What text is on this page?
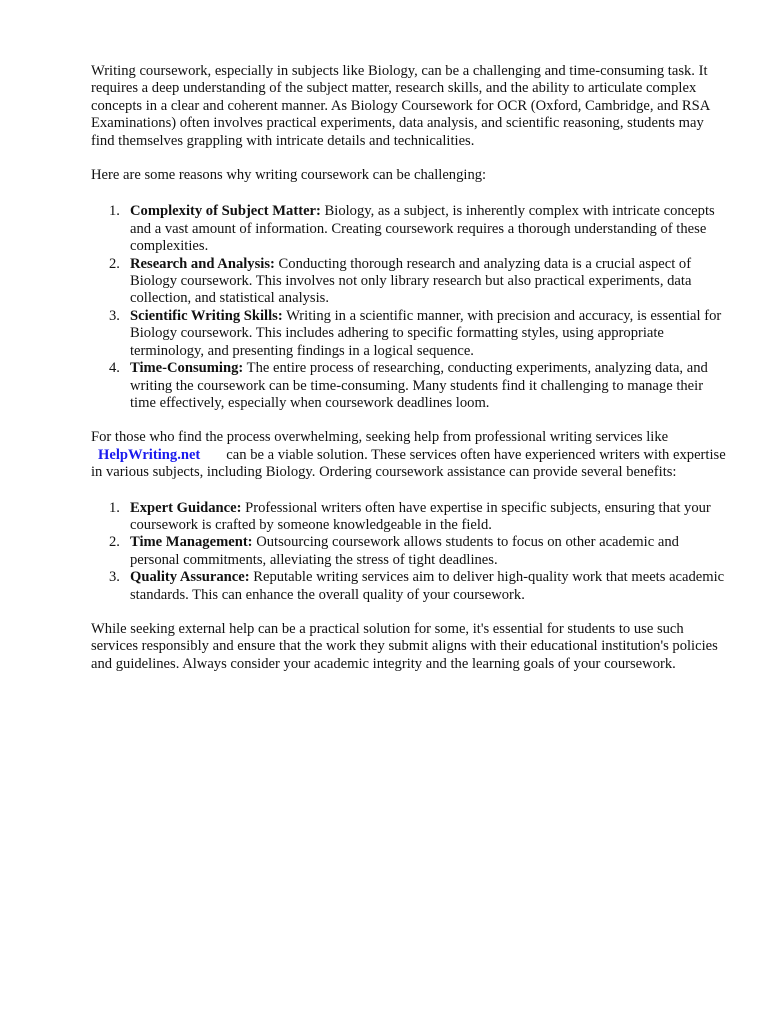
Writing coursework, especially in subjects like Biology, can be a challenging and time-consuming task. It requires a deep understanding of the subject matter, research skills, and the ability to articulate complex concepts in a clear and coherent manner. As Biology Coursework for OCR (Oxford, Cambridge, and RSA Examinations) often involves practical experiments, data analysis, and scientific reasoning, students may find themselves grappling with intricate details and technicalities.

Here are some reasons why writing coursework can be challenging:

1. Complexity of Subject Matter: Biology, as a subject, is inherently complex with intricate concepts and a vast amount of information. Creating coursework requires a thorough understanding of these complexities.
2. Research and Analysis: Conducting thorough research and analyzing data is a crucial aspect of Biology coursework. This involves not only library research but also practical experiments, data collection, and statistical analysis.
3. Scientific Writing Skills: Writing in a scientific manner, with precision and accuracy, is essential for Biology coursework. This includes adhering to specific formatting styles, using appropriate terminology, and presenting findings in a logical sequence.
4. Time-Consuming: The entire process of researching, conducting experiments, analyzing data, and writing the coursework can be time-consuming. Many students find it challenging to manage their time effectively, especially when coursework deadlines loom.

For those who find the process overwhelming, seeking help from professional writing services like
HelpWriting.net can be a viable solution. These services often have experienced writers with expertise in various subjects, including Biology. Ordering coursework assistance can provide several benefits:

1. Expert Guidance: Professional writers often have expertise in specific subjects, ensuring that your coursework is crafted by someone knowledgeable in the field.
2. Time Management: Outsourcing coursework allows students to focus on other academic and personal commitments, alleviating the stress of tight deadlines.
3. Quality Assurance: Reputable writing services aim to deliver high-quality work that meets academic standards. This can enhance the overall quality of your coursework.

While seeking external help can be a practical solution for some, it's essential for students to use such services responsibly and ensure that the work they submit aligns with their educational institution's policies and guidelines. Always consider your academic integrity and the learning goals of your coursework.
